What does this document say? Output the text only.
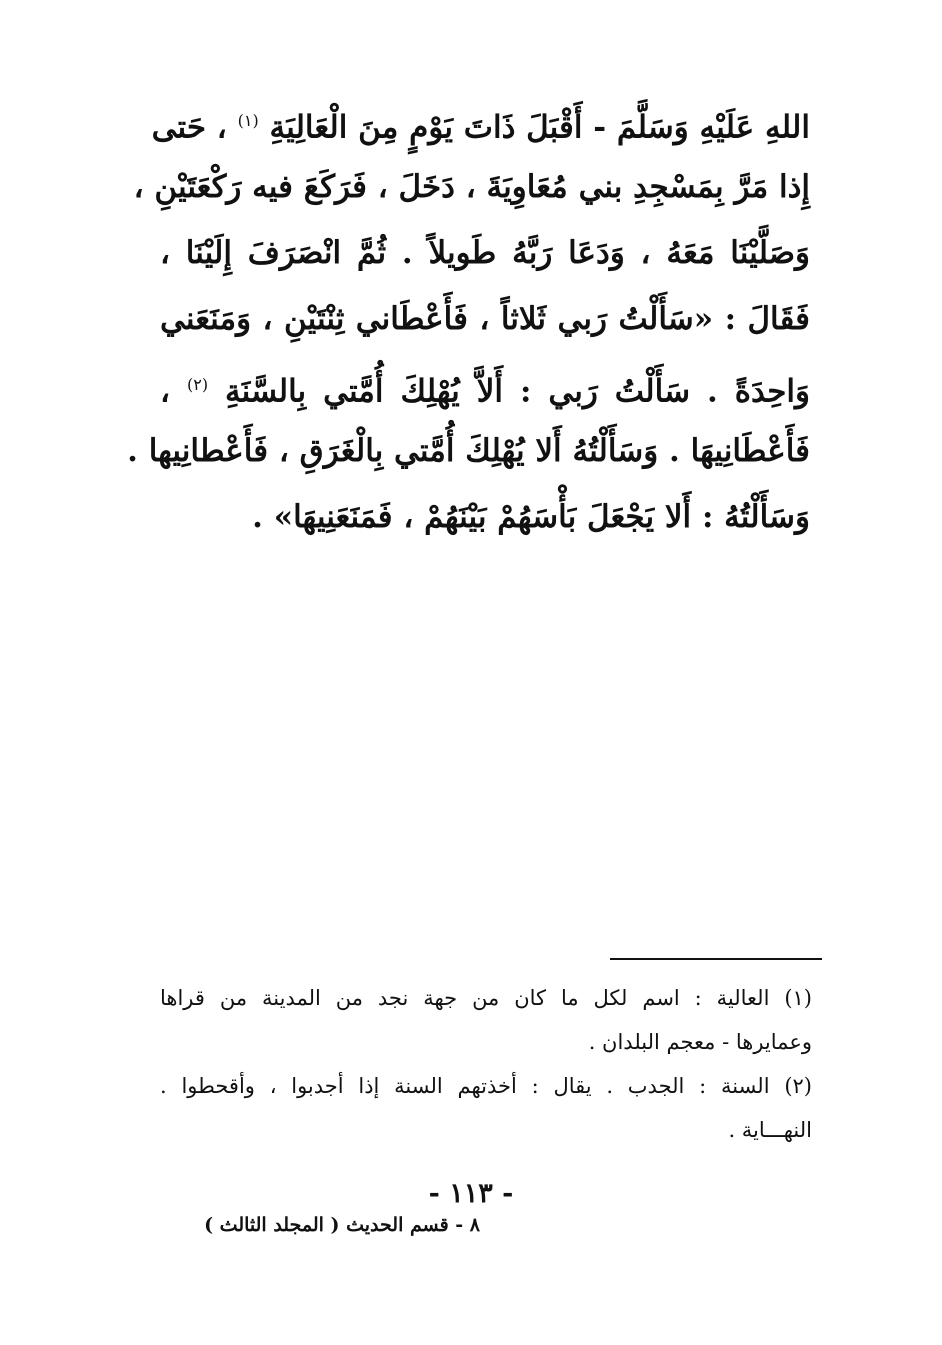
اللهِ عَلَيْهِ وَسَلَّمَ - أَقْبَلَ ذَاتَ يَوْمٍ مِنَ الْعَالِيَةِ $^{(١)}$ ، حَتى
إِذا مَرَّ بِمَسْجِدِ بني مُعَاوِيَةَ ، دَخَلَ ، فَرَكَعَ فيه رَكْعَتَيْنِ ،
وَصَلَّيْنَا مَعَهُ ، وَدَعَا رَبَّهُ طَويلاً . ثُمَّ انْصَرَفَ إِلَيْنَا ،
فَقَالَ : «سَأَلْتُ رَبي ثَلاثاً ، فَأَعْطَاني ثِنْتَيْنِ ، وَمَنَعَني
وَاحِدَةً . سَأَلْتُ رَبي : أَلاَّ يُهْلِكَ أُمَّتي بِالسَّنَةِ $^{(٢)}$ ،
فَأَعْطَانِيهَا . وَسَأَلْتُهُ أَلا يُهْلِكَ أُمَّتي بِالْغَرَقِ ، فَأَعْطانِيها .
وَسَأَلْتُهُ : أَلا يَجْعَلَ بَأْسَهُمْ بَيْنَهُمْ ، فَمَنَعَنِيهَا» .
(١) العالية : اسم لكل ما كان من جهة نجد من المدينة من قراها
وعمايرها - معجم البلدان .
(٢) السنة : الجدب . يقال : أخذتهم السنة إذا أجدبوا ، وأقحطوا .
النهـــاية .
- ١١٣ -
٨ - قسم الحديث ( المجلد الثالث )
